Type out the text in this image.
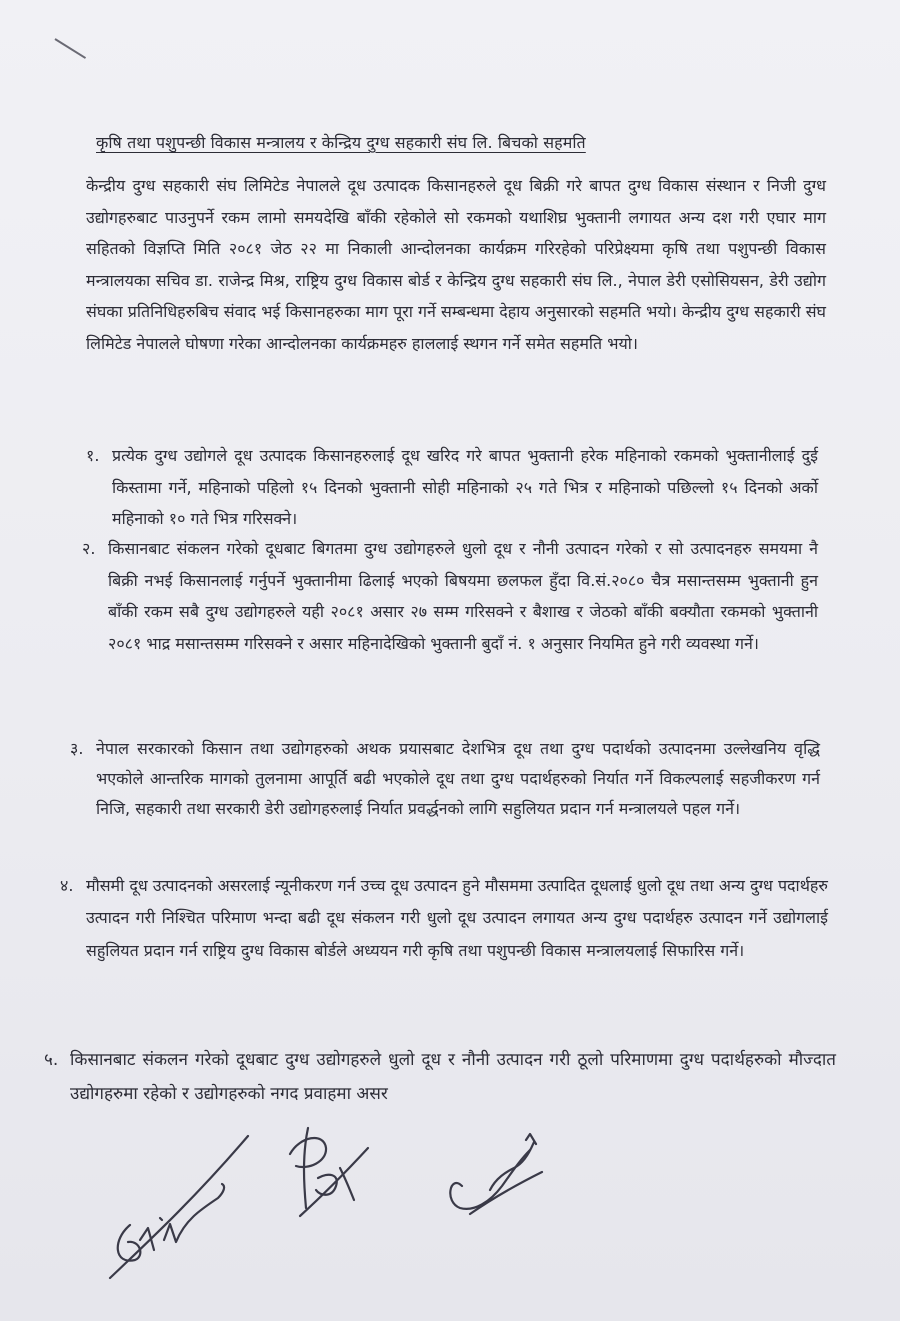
कृषि तथा पशुपन्छी विकास मन्त्रालय र केन्द्रिय दुग्ध सहकारी संघ लि. बिचको सहमति
केन्द्रीय दुग्ध सहकारी संघ लिमिटेड नेपालले दूध उत्पादक किसानहरुले दूध बिक्री गरे बापत दुग्ध विकास संस्थान र निजी दुग्ध उद्योगहरुबाट पाउनुपर्ने रकम लामो समयदेखि बाँकी रहेकोले सो रकमको यथाशिघ्र भुक्तानी लगायत अन्य दश गरी एघार माग सहितको विज्ञप्ति मिति २०८१ जेठ २२ मा निकाली आन्दोलनका कार्यक्रम गरिरहेको परिप्रेक्ष्यमा कृषि तथा पशुपन्छी विकास मन्त्रालयका सचिव डा. राजेन्द्र मिश्र, राष्ट्रिय दुग्ध विकास बोर्ड र केन्द्रिय दुग्ध सहकारी संघ लि., नेपाल डेरी एसोसियसन, डेरी उद्योग संघका प्रतिनिधिहरुबिच संवाद भई किसानहरुका माग पूरा गर्ने सम्बन्धमा देहाय अनुसारको सहमति भयो। केन्द्रीय दुग्ध सहकारी संघ लिमिटेड नेपालले घोषणा गरेका आन्दोलनका कार्यक्रमहरु हाललाई स्थगन गर्ने समेत सहमति भयो।
१. प्रत्येक दुग्ध उद्योगले दूध उत्पादक किसानहरुलाई दूध खरिद गरे बापत भुक्तानी हरेक महिनाको रकमको भुक्तानीलाई दुई किस्तामा गर्ने, महिनाको पहिलो १५ दिनको भुक्तानी सोही महिनाको २५ गते भित्र र महिनाको पछिल्लो १५ दिनको अर्को महिनाको १० गते भित्र गरिसक्ने।
२. किसानबाट संकलन गरेको दूधबाट बिगतमा दुग्ध उद्योगहरुले धुलो दूध र नौनी उत्पादन गरेको र सो उत्पादनहरु समयमा नै बिक्री नभई किसानलाई गर्नुपर्ने भुक्तानीमा ढिलाई भएको बिषयमा छलफल हुँदा वि.सं.२०८० चैत्र मसान्तसम्म भुक्तानी हुन बाँकी रकम सबै दुग्ध उद्योगहरुले यही २०८१ असार २७ सम्म गरिसक्ने र बैशाख र जेठको बाँकी बक्यौता रकमको भुक्तानी २०८१ भाद्र मसान्तसम्म गरिसक्ने र असार महिनादेखिको भुक्तानी बुदाँ नं. १ अनुसार नियमित हुने गरी व्यवस्था गर्ने।
३. नेपाल सरकारको किसान तथा उद्योगहरुको अथक प्रयासबाट देशभित्र दूध तथा दुग्ध पदार्थको उत्पादनमा उल्लेखनिय वृद्धि भएकोले आन्तरिक मागको तुलनामा आपूर्ति बढी भएकोले दूध तथा दुग्ध पदार्थहरुको निर्यात गर्ने विकल्पलाई सहजीकरण गर्न निजि, सहकारी तथा सरकारी डेरी उद्योगहरुलाई निर्यात प्रवर्द्धनको लागि सहुलियत प्रदान गर्न मन्त्रालयले पहल गर्ने।
४. मौसमी दूध उत्पादनको असरलाई न्यूनीकरण गर्न उच्च दूध उत्पादन हुने मौसममा उत्पादित दूधलाई धुलो दूध तथा अन्य दुग्ध पदार्थहरु उत्पादन गरी निश्चित परिमाण भन्दा बढी दूध संकलन गरी धुलो दूध उत्पादन लगायत अन्य दुग्ध पदार्थहरु उत्पादन गर्ने उद्योगलाई सहुलियत प्रदान गर्न राष्ट्रिय दुग्ध विकास बोर्डले अध्ययन गरी कृषि तथा पशुपन्छी विकास मन्त्रालयलाई सिफारिस गर्ने।
५. किसानबाट संकलन गरेको दूधबाट दुग्ध उद्योगहरुले धुलो दूध र नौनी उत्पादन गरी ठूलो परिमाणमा दुग्ध पदार्थहरुको मौज्दात उद्योगहरुमा रहेको र उद्योगहरुको नगद प्रवाहमा असर
